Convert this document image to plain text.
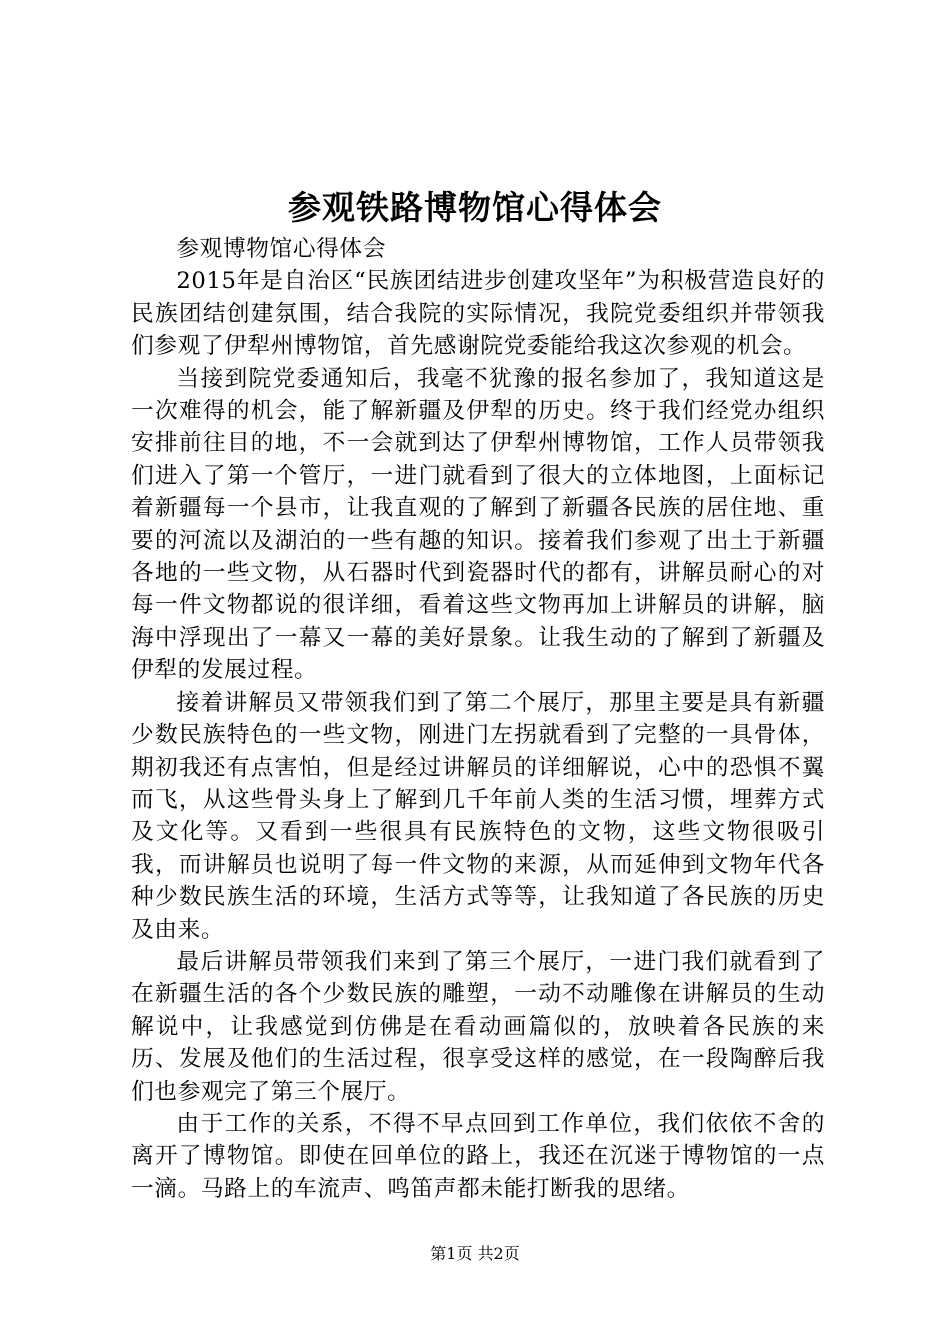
参观铁路博物馆心得体会

参观博物馆心得体会

2015年是自治区“民族团结进步创建攻坚年”为积极营造良好的民族团结创建氛围，结合我院的实际情况，我院党委组织并带领我们参观了伊犁州博物馆，首先感谢院党委能给我这次参观的机会。

当接到院党委通知后，我毫不犹豫的报名参加了，我知道这是一次难得的机会，能了解新疆及伊犁的历史。终于我们经党办组织安排前往目的地，不一会就到达了伊犁州博物馆，工作人员带领我们进入了第一个管厅，一进门就看到了很大的立体地图，上面标记着新疆每一个县市，让我直观的了解到了新疆各民族的居住地、重要的河流以及湖泊的一些有趣的知识。接着我们参观了出土于新疆各地的一些文物，从石器时代到瓷器时代的都有，讲解员耐心的对每一件文物都说的很详细，看着这些文物再加上讲解员的讲解，脑海中浮现出了一幕又一幕的美好景象。让我生动的了解到了新疆及伊犁的发展过程。

接着讲解员又带领我们到了第二个展厅，那里主要是具有新疆少数民族特色的一些文物，刚进门左拐就看到了完整的一具骨体，期初我还有点害怕，但是经过讲解员的详细解说，心中的恐惧不翼而飞，从这些骨头身上了解到几千年前人类的生活习惯，埋葬方式及文化等。又看到一些很具有民族特色的文物，这些文物很吸引我，而讲解员也说明了每一件文物的来源，从而延伸到文物年代各种少数民族生活的环境，生活方式等等，让我知道了各民族的历史及由来。

最后讲解员带领我们来到了第三个展厅，一进门我们就看到了在新疆生活的各个少数民族的雕塑，一动不动雕像在讲解员的生动解说中，让我感觉到仿佛是在看动画篇似的，放映着各民族的来历、发展及他们的生活过程，很享受这样的感觉，在一段陶醉后我们也参观完了第三个展厅。

由于工作的关系，不得不早点回到工作单位，我们依依不舍的离开了博物馆。即使在回单位的路上，我还在沉迷于博物馆的一点一滴。马路上的车流声、鸣笛声都未能打断我的思绪。

第1页 共2页
